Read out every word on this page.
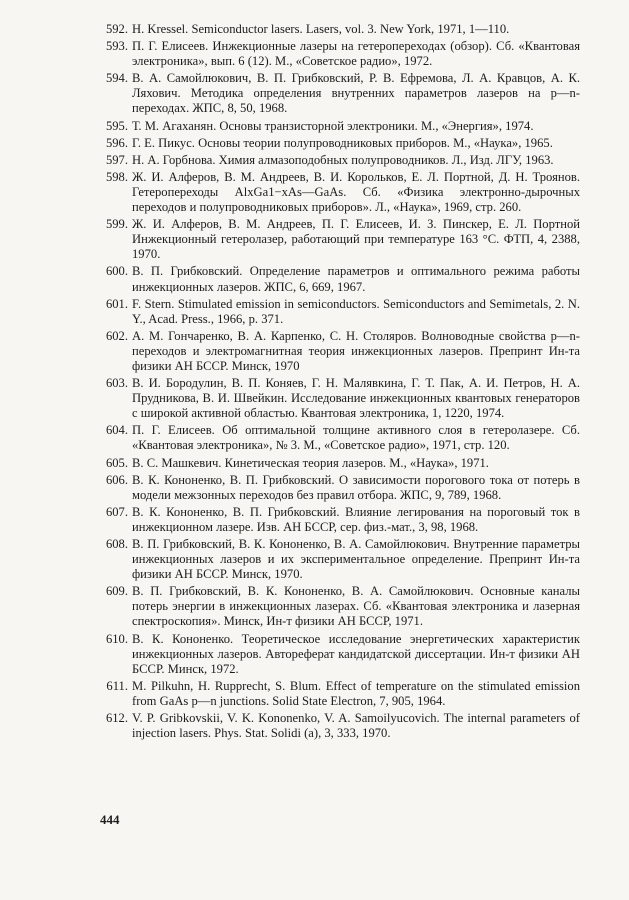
592. H. Kressel. Semiconductor lasers. Lasers, vol. 3. New York, 1971, 1—110.
593. П. Г. Елисеев. Инжекционные лазеры на гетеропереходах (обзор). Сб. «Квантовая электроника», вып. 6 (12). М., «Советское радио», 1972.
594. В. А. Самойлюкович, В. П. Грибковский, Р. В. Ефремова, Л. А. Кравцов, А. К. Ляхович. Методика определения внутренних параметров лазеров на p—n-переходах. ЖПС, 8, 50, 1968.
595. Т. М. Агаханян. Основы транзисторной электроники. М., «Энергия», 1974.
596. Г. Е. Пикус. Основы теории полупроводниковых приборов. М., «Наука», 1965.
597. Н. А. Горбнова. Химия алмазоподобных полупроводников. Л., Изд. ЛГУ, 1963.
598. Ж. И. Алферов, В. М. Андреев, В. И. Корольков, Е. Л. Портной, Д. Н. Троянов. Гетеропереходы AlxGa1−xAs—GaAs. Сб. «Физика электронно-дырочных переходов и полупроводниковых приборов». Л., «Наука», 1969, стр. 260.
599. Ж. И. Алферов, В. М. Андреев, П. Г. Елисеев, И. З. Пинскер, Е. Л. Портной Инжекционный гетеролазер, работающий при температуре 163 °С. ФТП, 4, 2388, 1970.
600. В. П. Грибковский. Определение параметров и оптимального режима работы инжекционных лазеров. ЖПС, 6, 669, 1967.
601. F. Stern. Stimulated emission in semiconductors. Semiconductors and Semimetals, 2. N. Y., Acad. Press., 1966, p. 371.
602. А. М. Гончаренко, В. А. Карпенко, С. Н. Столяров. Волноводные свойства p—n-переходов и электромагнитная теория инжекционных лазеров. Препринт Ин-та физики АН БССР. Минск, 1970
603. В. И. Бородулин, В. П. Коняев, Г. Н. Малявкина, Г. Т. Пак, А. И. Петров, Н. А. Прудникова, В. И. Швейкин. Исследование инжекционных квантовых генераторов с широкой активной областью. Квантовая электроника, 1, 1220, 1974.
604. П. Г. Елисеев. Об оптимальной толщине активного слоя в гетеролазере. Сб. «Квантовая электроника», № 3. М., «Советское радио», 1971, стр. 120.
605. В. С. Машкевич. Кинетическая теория лазеров. М., «Наука», 1971.
606. В. К. Кононенко, В. П. Грибковский. О зависимости порогового тока от потерь в модели межзонных переходов без правил отбора. ЖПС, 9, 789, 1968.
607. В. К. Кононенко, В. П. Грибковский. Влияние легирования на пороговый ток в инжекционном лазере. Изв. АН БССР, сер. физ.-мат., 3, 98, 1968.
608. В. П. Грибковский, В. К. Кононенко, В. А. Самойлюкович. Внутренние параметры инжекционных лазеров и их экспериментальное определение. Препринт Ин-та физики АН БССР. Минск, 1970.
609. В. П. Грибковский, В. К. Кононенко, В. А. Самойлюкович. Основные каналы потерь энергии в инжекционных лазерах. Сб. «Квантовая электроника и лазерная спектроскопия». Минск, Ин-т физики АН БССР, 1971.
610. В. К. Кононенко. Теоретическое исследование энергетических характеристик инжекционных лазеров. Автореферат кандидатской диссертации. Ин-т физики АН БССР. Минск, 1972.
611. M. Pilkuhn, H. Rupprecht, S. Blum. Effect of temperature on the stimulated emission from GaAs p—n junctions. Solid State Electron, 7, 905, 1964.
612. V. P. Gribkovskii, V. K. Kononenko, V. A. Samoilyucovich. The internal parameters of injection lasers. Phys. Stat. Solidi (a), 3, 333, 1970.
444
